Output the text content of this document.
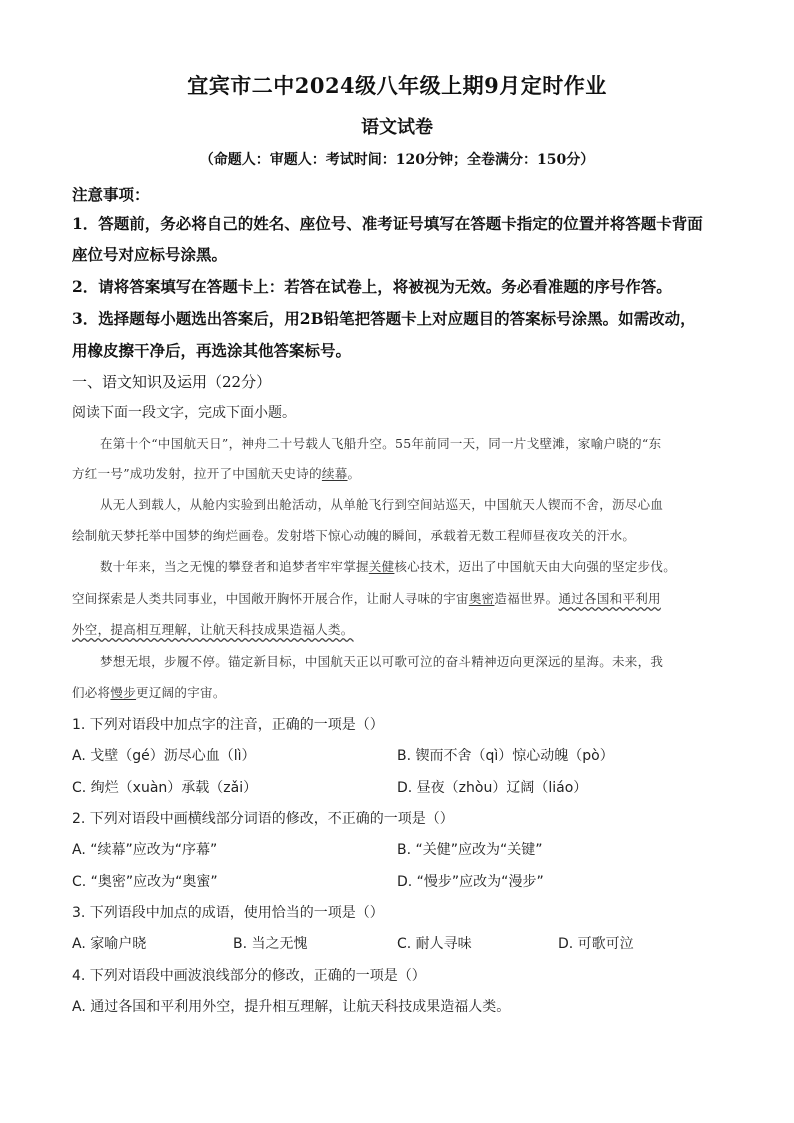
宜宾市二中2024级八年级上期9月定时作业
语文试卷
（命题人：审题人：考试时间：120分钟；全卷满分：150分）
注意事项：
1．答题前，务必将自己的姓名、座位号、准考证号填写在答题卡指定的位置并将答题卡背面
座位号对应标号涂黑。
2．请将答案填写在答题卡上：若答在试卷上，将被视为无效。务必看准题的序号作答。
3．选择题每小题选出答案后，用2B铅笔把答题卡上对应题目的答案标号涂黑。如需改动，
用橡皮擦干净后，再选涂其他答案标号。
一、语文知识及运用（22分）
阅读下面一段文字，完成下面小题。
在第十个“中国航天日”，神舟二十号载人飞船升空。55年前同一天，同一片戈壁滩，家喻户晓的“东
方红一号”成功发射，拉开了中国航天史诗的续幕。
从无人到载人，从舱内实验到出舱活动，从单舱飞行到空间站巡天，中国航天人锲而不舍，沥尽心血
绘制航天梦托举中国梦的绚烂画卷。发射塔下惊心动魄的瞬间，承载着无数工程师昼夜攻关的汗水。
数十年来，当之无愧的攀登者和追梦者牢牢掌握关健核心技术，迈出了中国航天由大向强的坚定步伐。
空间探索是人类共同事业，中国敞开胸怀开展合作，让耐人寻味的宇宙奥密造福世界。通过各国和平利用
外空，提高相互理解，让航天科技成果造福人类。
梦想无垠，步履不停。锚定新目标，中国航天正以可歌可泣的奋斗精神迈向更深远的星海。未来，我
们必将慢步更辽阔的宇宙。
1. 下列对语段中加点字的注音，正确的一项是（）
A. 戈壁（gé）沥尽心血（lì）	B. 锲而不舍（qì）惊心动魄（pò）
C. 绚烂（xuàn）承载（zǎi）	D. 昼夜（zhòu）辽阔（liáo）
2. 下列对语段中画横线部分词语的修改，不正确的一项是（）
A. “续幕”应改为“序幕”	B. “关健”应改为“关键”
C. “奥密”应改为“奥蜜”	D. “慢步”应改为“漫步”
3. 下列语段中加点的成语，使用恰当的一项是（）
A. 家喻户晓	B. 当之无愧	C. 耐人寻味	D. 可歌可泣
4. 下列对语段中画波浪线部分的修改，正确的一项是（）
A. 通过各国和平利用外空，提升相互理解，让航天科技成果造福人类。
